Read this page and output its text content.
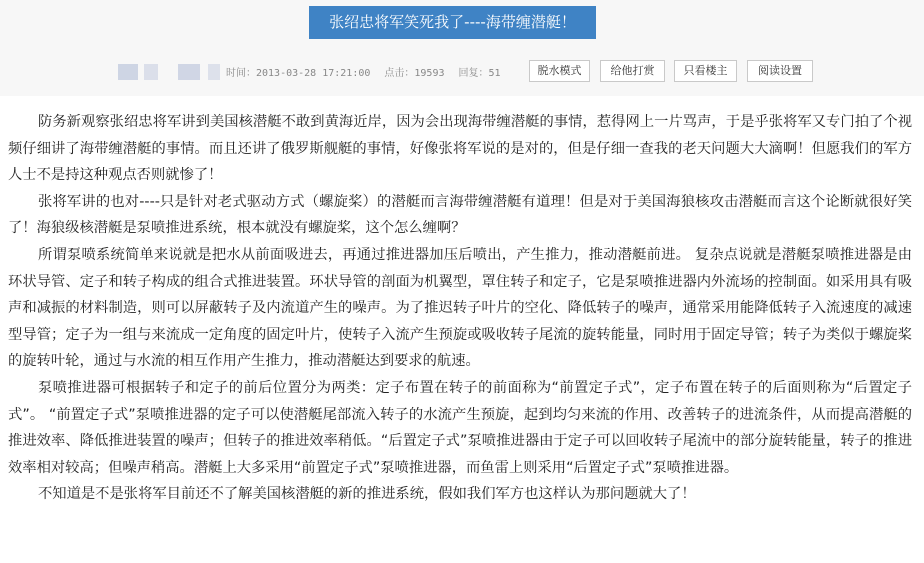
张绍忠将军笑死我了----海带缠潜艇！
时间：2013-03-28 17:21:00 点击：19593 回复：51	脱水模式	给他打赏	只看楼主	阅读设置

防务新观察张绍忠将军讲到美国核潜艇不敢到黄海近岸，因为会出现海带缠潜艇的事情，惹得网上一片骂声，于是乎张将军又专门拍了个视频仔细讲了海带缠潜艇的事情。而且还讲了俄罗斯舰艇的事情，好像张将军说的是对的，但是仔细一查我的老天问题大大滴啊！但愿我们的军方人士不是持这种观点否则就惨了！

张将军讲的也对----只是针对老式驱动方式（螺旋桨）的潜艇而言海带缠潜艇有道理！但是对于美国海狼核攻击潜艇而言这个论断就很好笑了！海狼级核潜艇是泵喷推进系统，根本就没有螺旋桨，这个怎么缠啊？

所谓泵喷系统简单来说就是把水从前面吸进去，再通过推进器加压后喷出，产生推力，推动潜艇前进。 复杂点说就是潜艇泵喷推进器是由环状导管、定子和转子构成的组合式推进装置。环状导管的剖面为机翼型，罩住转子和定子，它是泵喷推进器内外流场的控制面。如采用具有吸声和减振的材料制造，则可以屏蔽转子及内流道产生的噪声。为了推迟转子叶片的空化、降低转子的噪声，通常采用能降低转子入流速度的减速型导管；定子为一组与来流成一定角度的固定叶片，使转子入流产生预旋或吸收转子尾流的旋转能量，同时用于固定导管；转子为类似于螺旋桨的旋转叶轮，通过与水流的相互作用产生推力，推动潜艇达到要求的航速。

泵喷推进器可根据转子和定子的前后位置分为两类：定子布置在转子的前面称为“前置定子式”，定子布置在转子的后面则称为“后置定子式”。 “前置定子式”泵喷推进器的定子可以使潜艇尾部流入转子的水流产生预旋，起到均匀来流的作用、改善转子的进流条件，从而提高潜艇的推进效率、降低推进装置的噪声；但转子的推进效率稍低。“后置定子式”泵喷推进器由于定子可以回收转子尾流中的部分旋转能量，转子的推进效率相对较高；但噪声稍高。潜艇上大多采用“前置定子式”泵喷推进器，而鱼雷上则采用“后置定子式”泵喷推进器。

不知道是不是张将军目前还不了解美国核潜艇的新的推进系统，假如我们军方也这样认为那问题就大了！
